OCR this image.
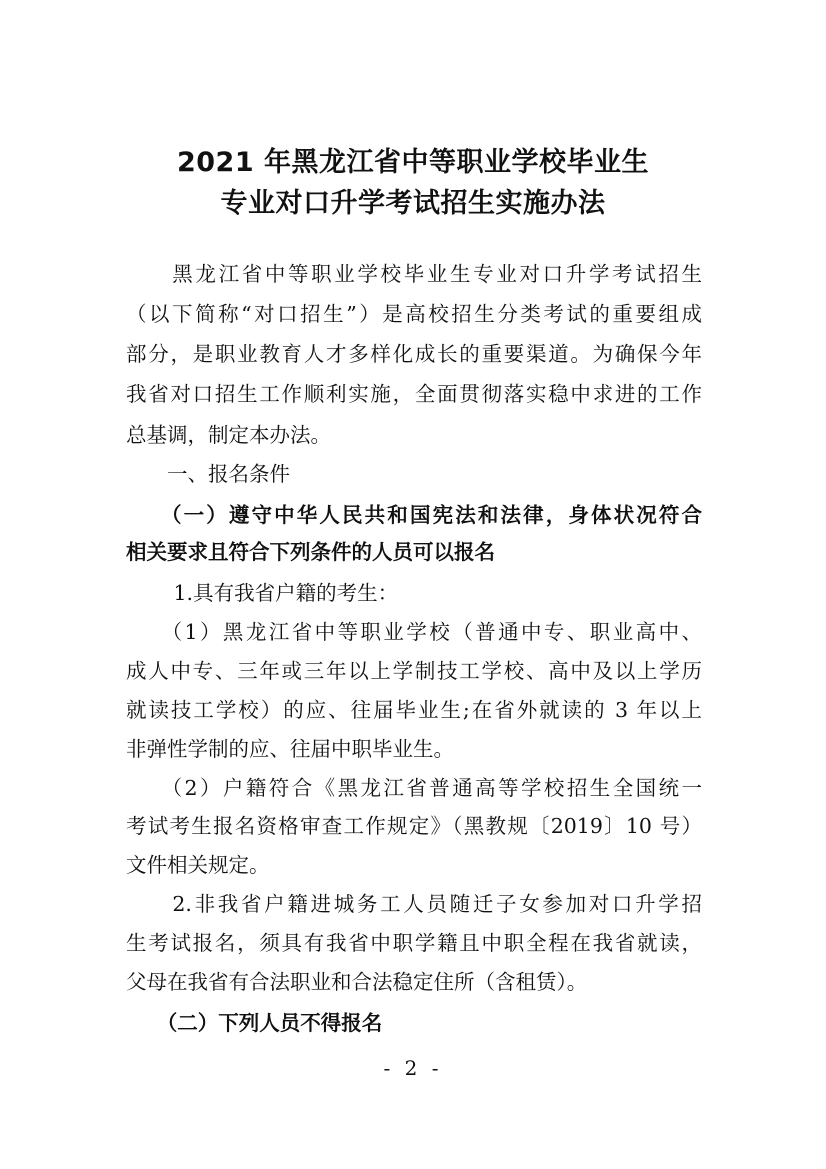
2021 年黑龙江省中等职业学校毕业生
专业对口升学考试招生实施办法
　　黑龙江省中等职业学校毕业生专业对口升学考试招生
（以下简称“对口招生”）是高校招生分类考试的重要组成
部分，是职业教育人才多样化成长的重要渠道。为确保今年
我省对口招生工作顺利实施，全面贯彻落实稳中求进的工作
总基调，制定本办法。
　　一、报名条件
　　（一）遵守中华人民共和国宪法和法律，身体状况符合
相关要求且符合下列条件的人员可以报名
　　 1.具有我省户籍的考生：
　　（1）黑龙江省中等职业学校（普通中专、职业高中、
成人中专、三年或三年以上学制技工学校、高中及以上学历
就读技工学校）的应、往届毕业生;在省外就读的 3 年以上
非弹性学制的应、往届中职毕业生。
　　（2）户籍符合《黑龙江省普通高等学校招生全国统一
考试考生报名资格审查工作规定》（黑教规〔2019〕10 号）
文件相关规定。
　　2.非我省户籍进城务工人员随迁子女参加对口升学招
生考试报名，须具有我省中职学籍且中职全程在我省就读，
父母在我省有合法职业和合法稳定住所（含租赁）。
　　（二）下列人员不得报名
- 2 -
